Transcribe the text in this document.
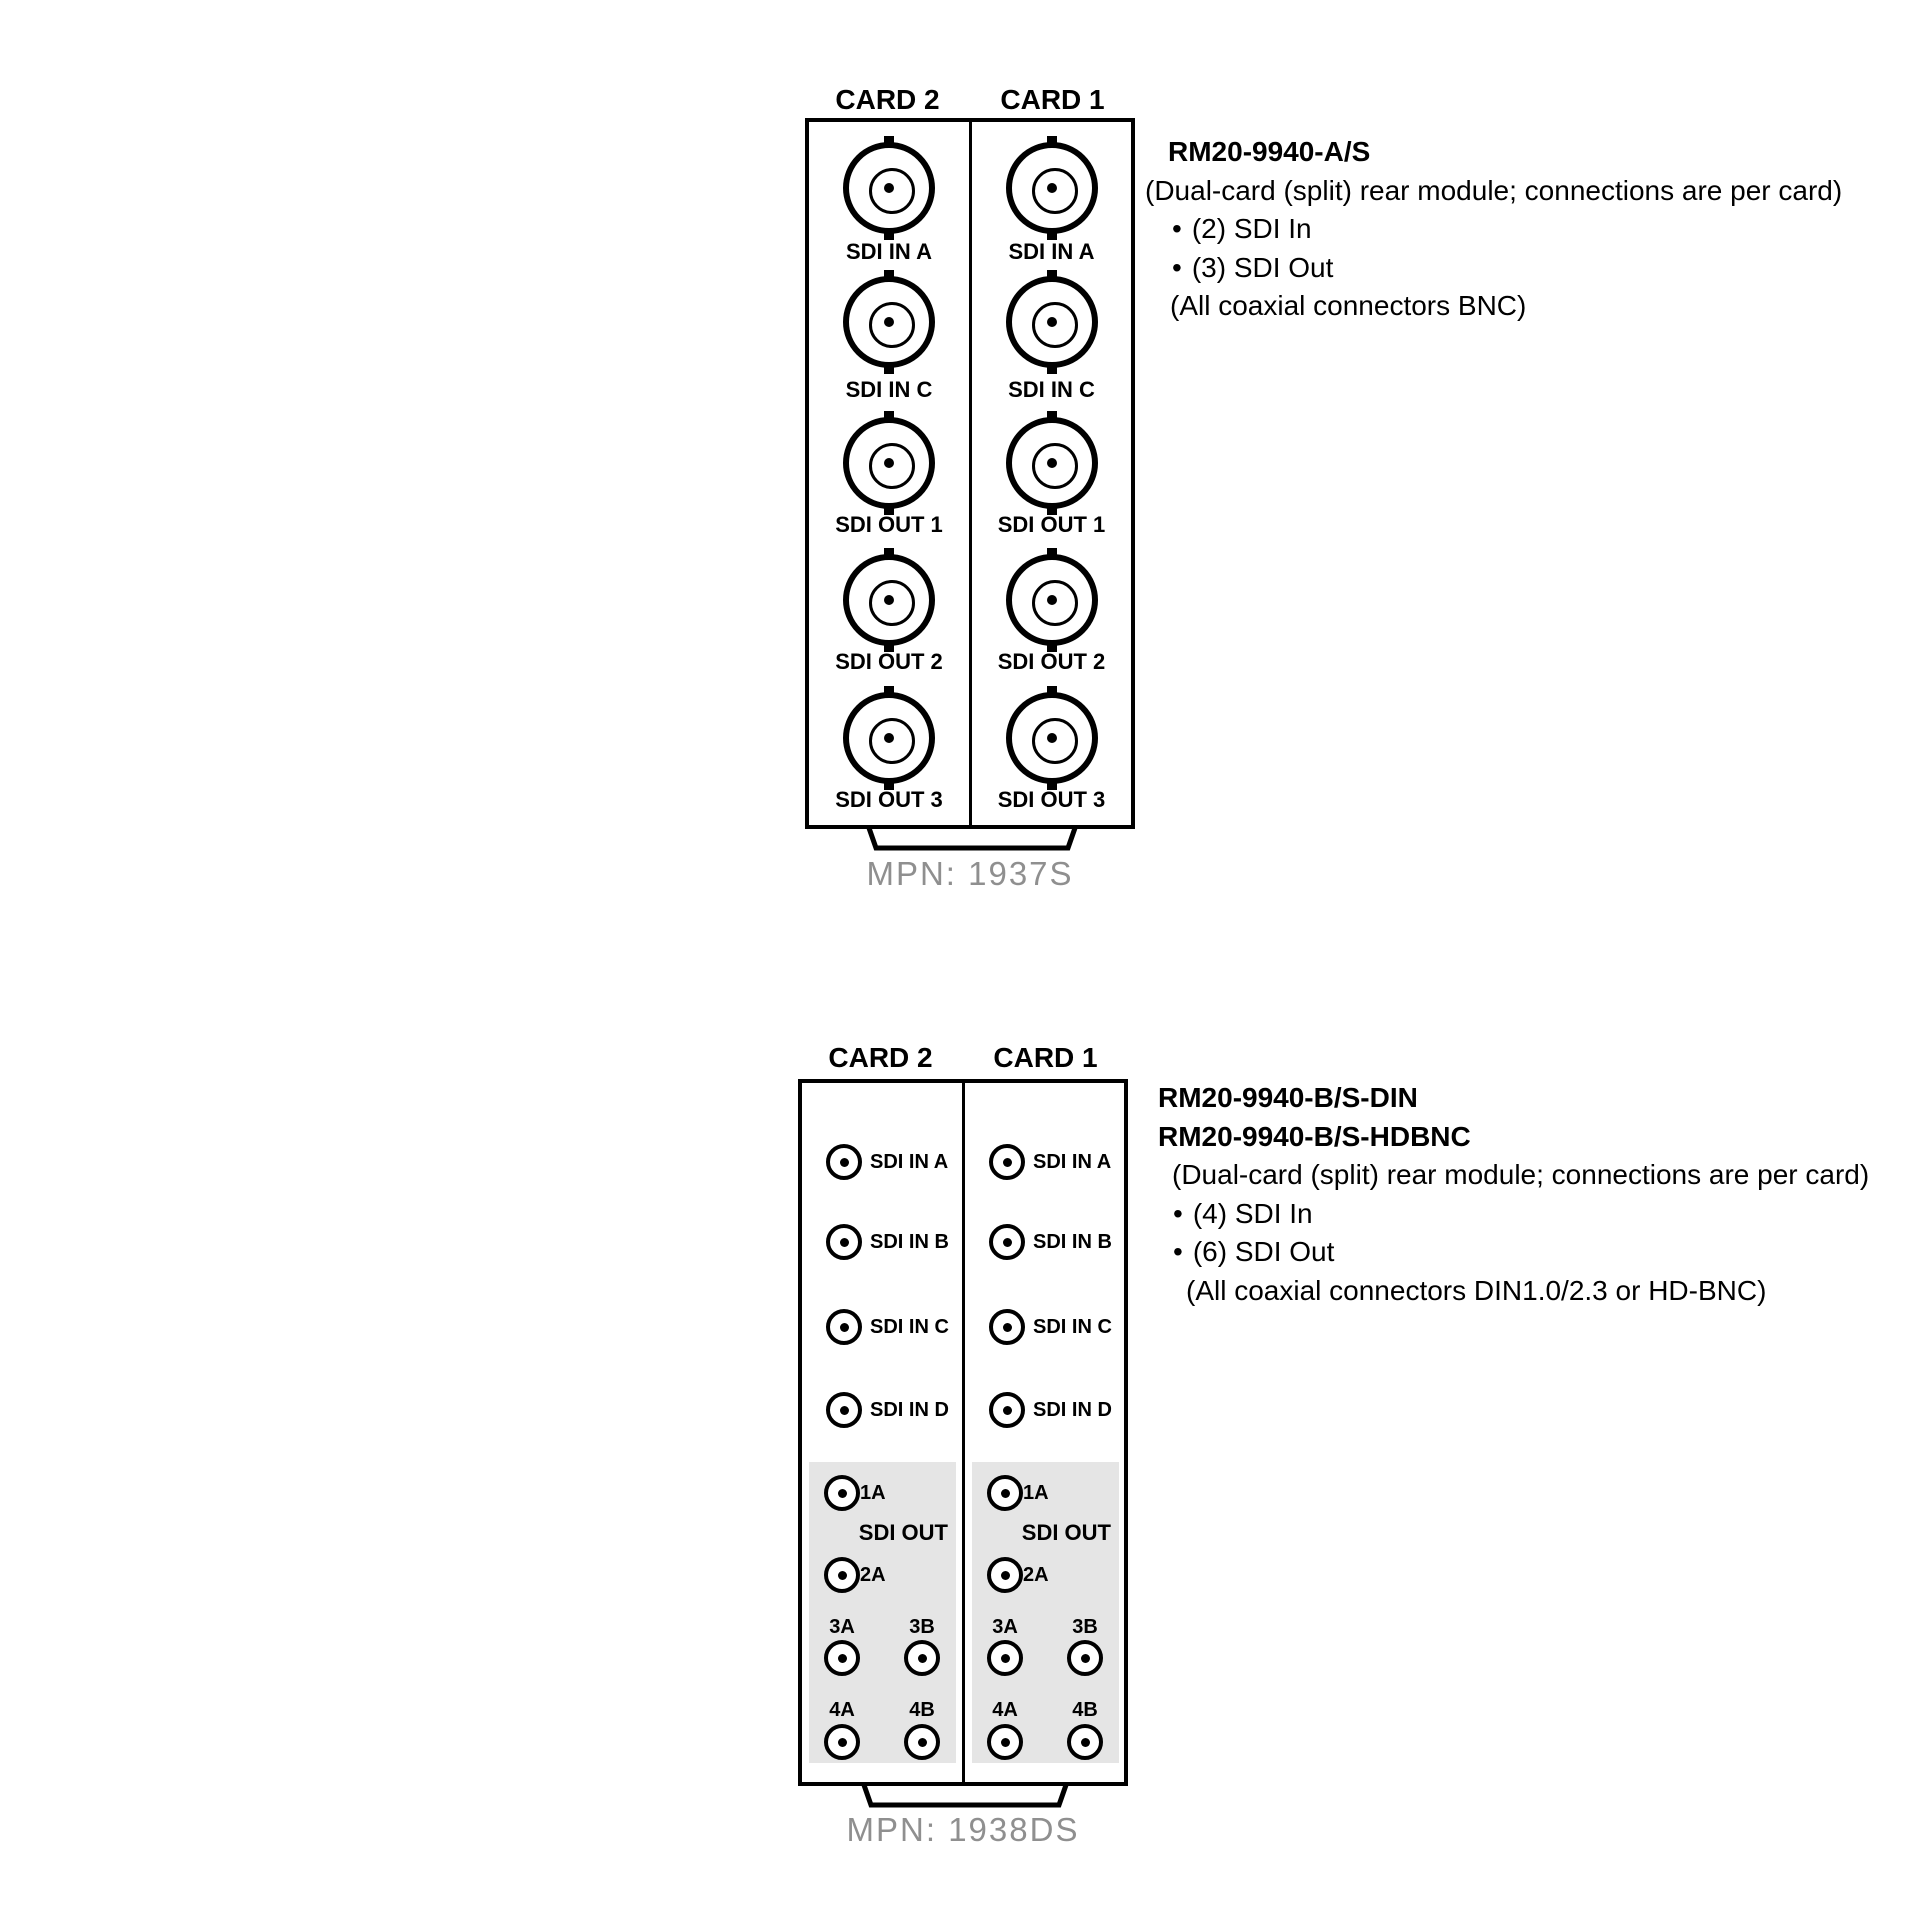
CARD 2	CARD 1
SDI IN A
SDI IN C
SDI OUT 1
SDI OUT 2
SDI OUT 3
SDI IN A
SDI IN C
SDI OUT 1
SDI OUT 2
SDI OUT 3
MPN: 1937S
RM20-9940-A/S
(Dual-card (split) rear module; connections are per card)
• (2) SDI In
• (3) SDI Out
(All coaxial connectors BNC)
CARD 2	CARD 1
SDI IN A
SDI IN B
SDI IN C
SDI IN D
1A
SDI OUT
2A
3A	3B
4A	4B
SDI IN A
SDI IN B
SDI IN C
SDI IN D
1A
SDI OUT
2A
3A	3B
4A	4B
MPN: 1938DS
RM20-9940-B/S-DIN
RM20-9940-B/S-HDBNC
(Dual-card (split) rear module; connections are per card)
• (4) SDI In
• (6) SDI Out
(All coaxial connectors DIN1.0/2.3 or HD-BNC)
